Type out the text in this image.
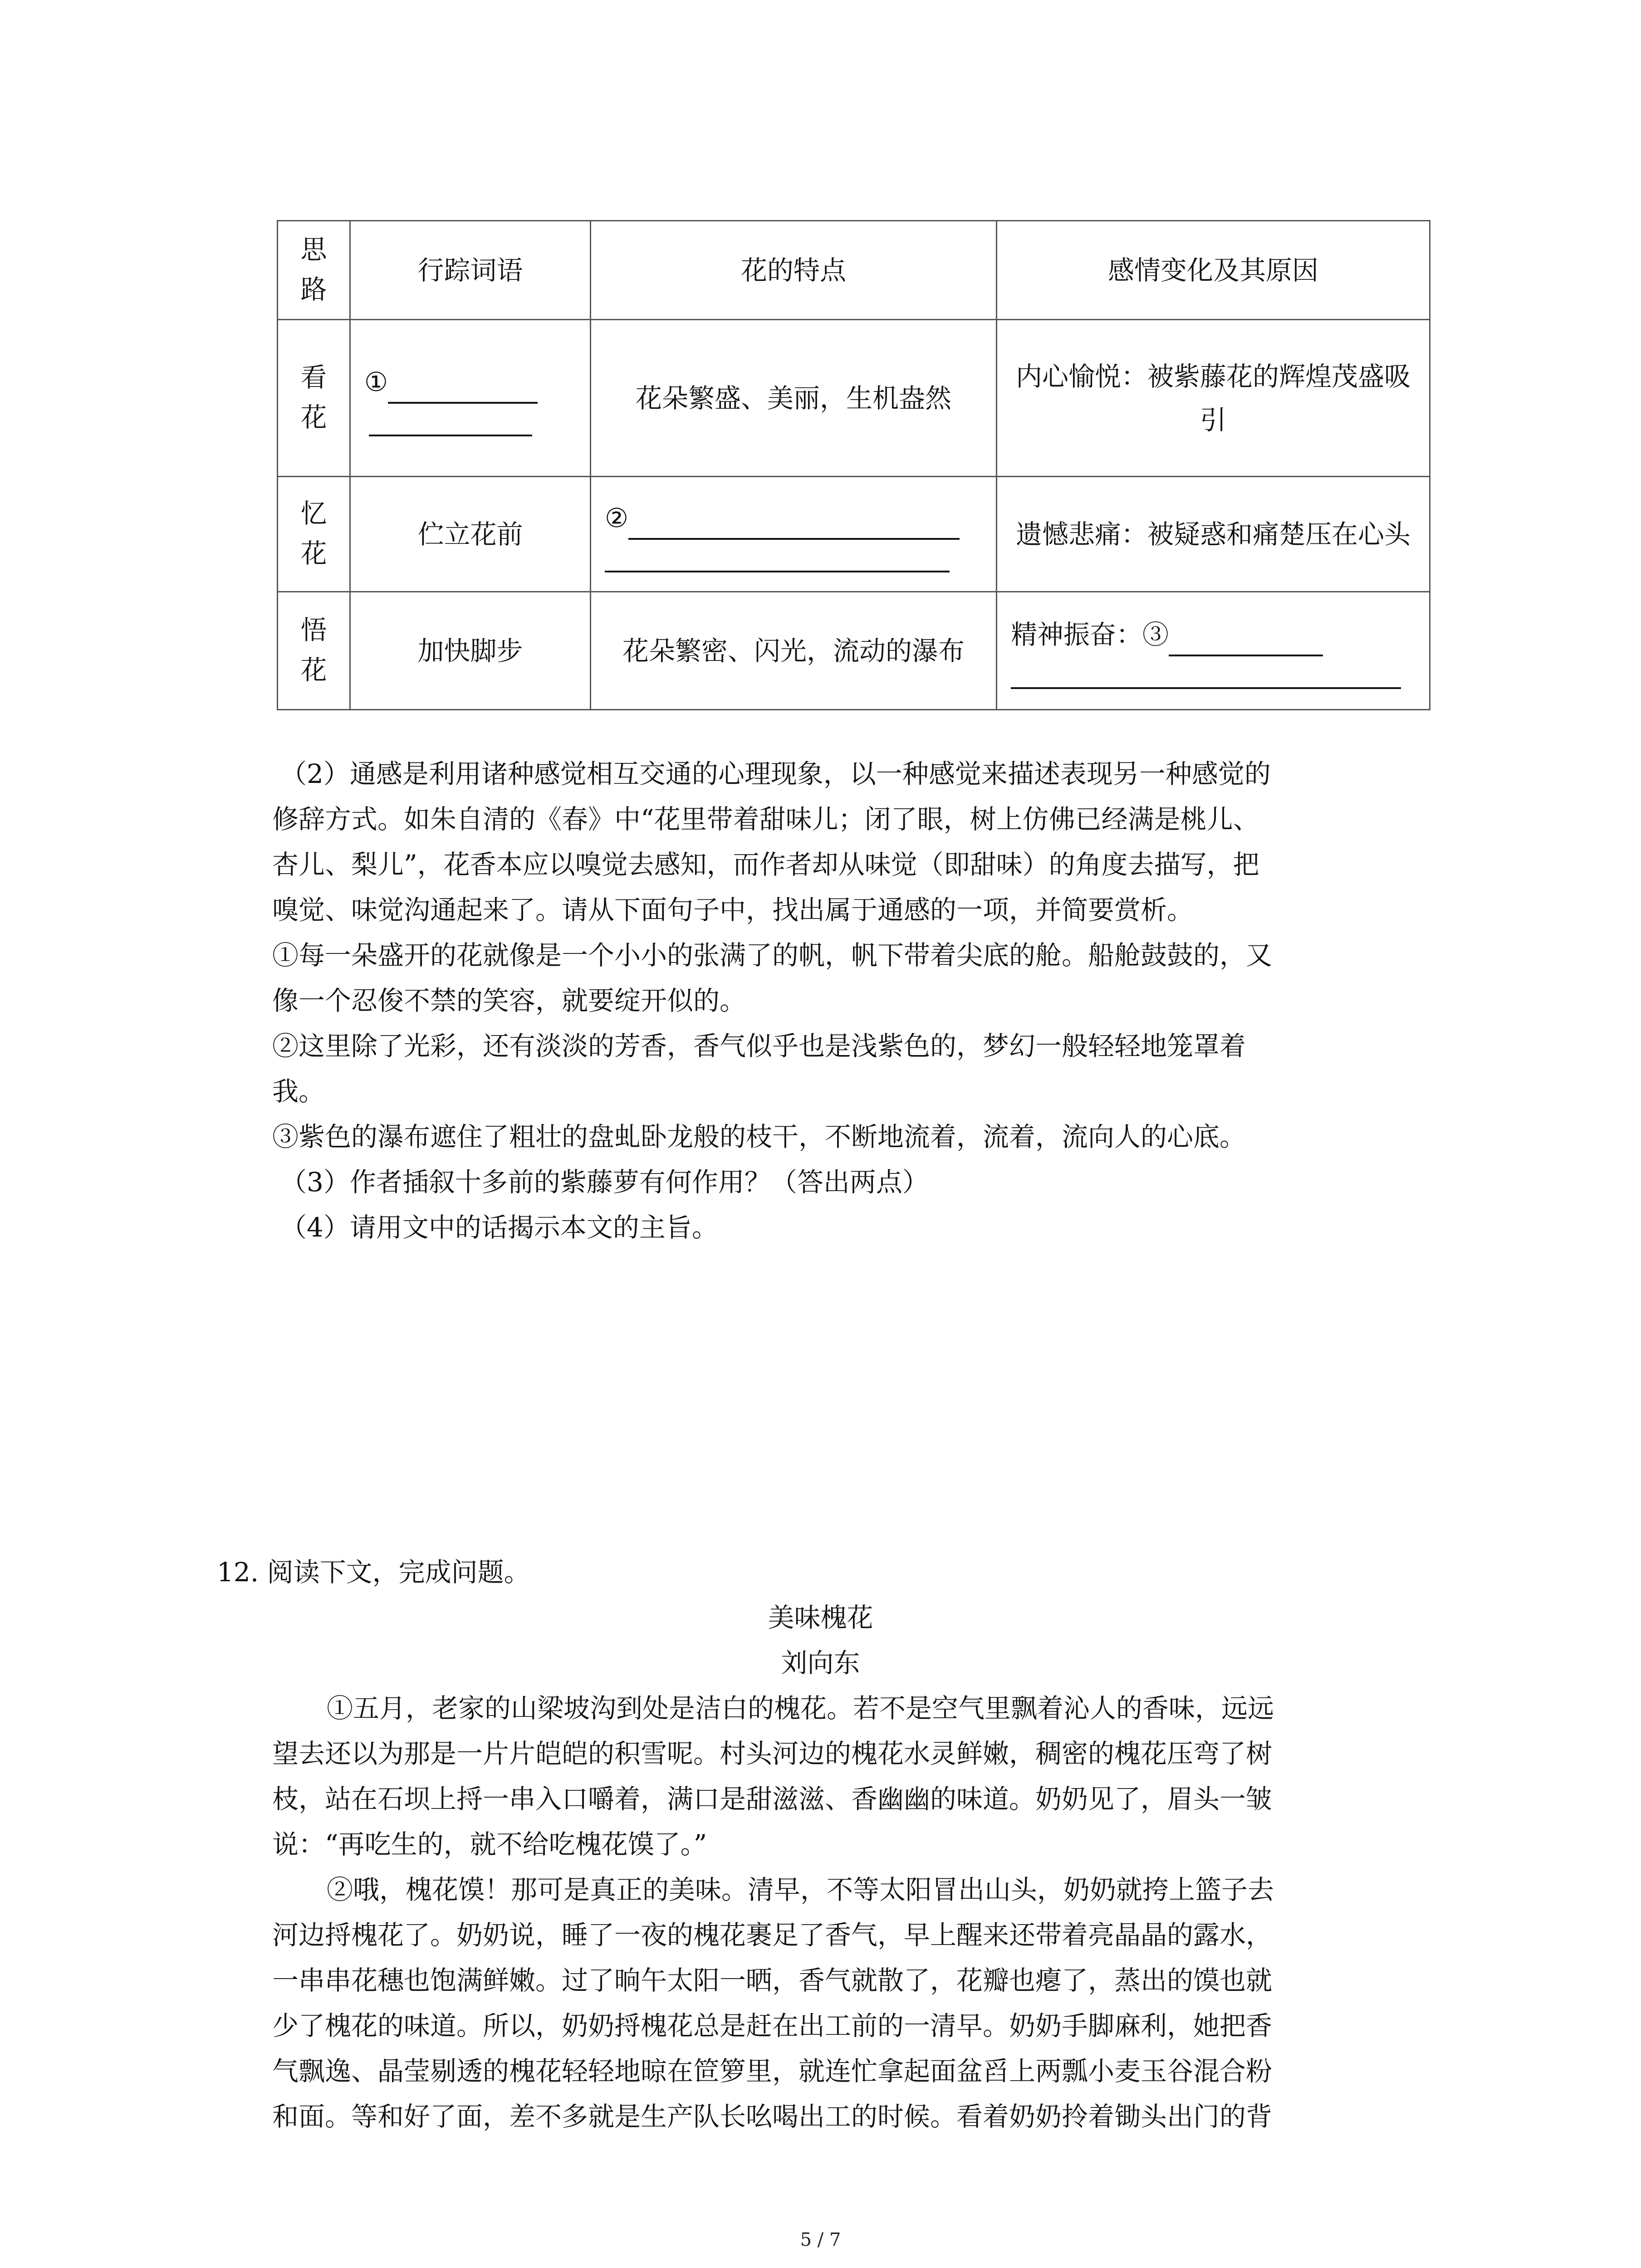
思路	行踪词语	花的特点	感情变化及其原因
看花	①	花朵繁盛、美丽，生机盎然	内心愉悦：被紫藤花的辉煌茂盛吸引
忆花	伫立花前	②	遗憾悲痛：被疑惑和痛楚压在心头
悟花	加快脚步	花朵繁密、闪光，流动的瀑布	精神振奋：③
（2）通感是利用诸种感觉相互交通的心理现象，以一种感觉来描述表现另一种感觉的
修辞方式。如朱自清的《春》中“花里带着甜味儿；闭了眼，树上仿佛已经满是桃儿、
杏儿、梨儿”，花香本应以嗅觉去感知，而作者却从味觉（即甜味）的角度去描写，把
嗅觉、味觉沟通起来了。请从下面句子中，找出属于通感的一项，并简要赏析。
①每一朵盛开的花就像是一个小小的张满了的帆，帆下带着尖底的舱。船舱鼓鼓的，又
像一个忍俊不禁的笑容，就要绽开似的。
②这里除了光彩，还有淡淡的芳香，香气似乎也是浅紫色的，梦幻一般轻轻地笼罩着
我。
③紫色的瀑布遮住了粗壮的盘虬卧龙般的枝干，不断地流着，流着，流向人的心底。
（3）作者插叙十多前的紫藤萝有何作用？（答出两点）
（4）请用文中的话揭示本文的主旨。
12. 阅读下文，完成问题。
美味槐花
刘向东
①五月，老家的山梁坡沟到处是洁白的槐花。若不是空气里飘着沁人的香味，远远
望去还以为那是一片片皑皑的积雪呢。村头河边的槐花水灵鲜嫩，稠密的槐花压弯了树
枝，站在石坝上捋一串入口嚼着，满口是甜滋滋、香幽幽的味道。奶奶见了，眉头一皱
说：“再吃生的，就不给吃槐花馍了。”
②哦，槐花馍！那可是真正的美味。清早，不等太阳冒出山头，奶奶就挎上篮子去
河边捋槐花了。奶奶说，睡了一夜的槐花裹足了香气，早上醒来还带着亮晶晶的露水，
一串串花穗也饱满鲜嫩。过了晌午太阳一晒，香气就散了，花瓣也瘪了，蒸出的馍也就
少了槐花的味道。所以，奶奶捋槐花总是赶在出工前的一清早。奶奶手脚麻利，她把香
气飘逸、晶莹剔透的槐花轻轻地晾在笸箩里，就连忙拿起面盆舀上两瓢小麦玉谷混合粉
和面。等和好了面，差不多就是生产队长吆喝出工的时候。看着奶奶拎着锄头出门的背
5 / 7
